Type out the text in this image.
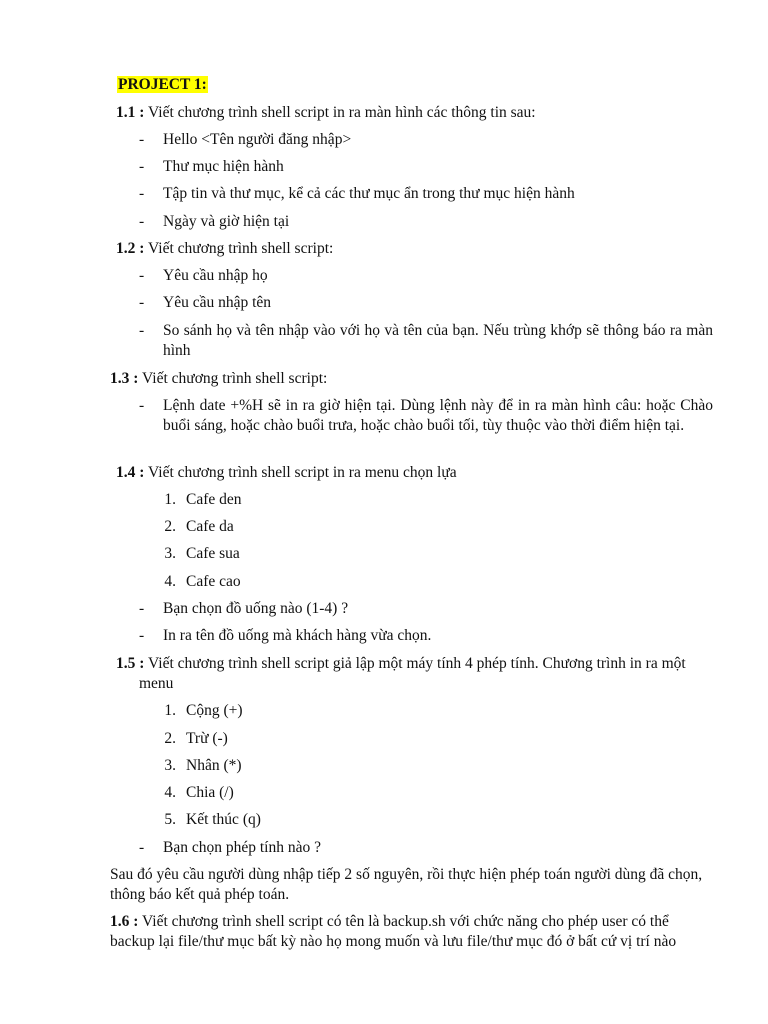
PROJECT 1:
1.1 : Viết chương trình shell script in ra màn hình các thông tin sau:
- Hello <Tên người đăng nhập>
- Thư mục hiện hành
- Tập tin và thư mục, kể cả các thư mục ẩn trong thư mục hiện hành
- Ngày và giờ hiện tại
1.2 : Viết chương trình shell script:
- Yêu cầu nhập họ
- Yêu cầu nhập tên
- So sánh họ và tên nhập vào với họ và tên của bạn. Nếu trùng khớp sẽ thông báo ra màn hình
1.3 : Viết chương trình shell script:
- Lệnh date +%H sẽ in ra giờ hiện tại. Dùng lệnh này để in ra màn hình câu: hoặc Chào buổi sáng, hoặc chào buổi trưa, hoặc chào buổi tối, tùy thuộc vào thời điểm hiện tại.
1.4 : Viết chương trình shell script in ra menu chọn lựa
1. Cafe den
2. Cafe da
3. Cafe sua
4. Cafe cao
- Bạn chọn đồ uống nào (1-4) ?
- In ra tên đồ uống mà khách hàng vừa chọn.
1.5 : Viết chương trình shell script giả lập một máy tính 4 phép tính. Chương trình in ra một menu
1. Cộng (+)
2. Trừ (-)
3. Nhân (*)
4. Chia (/)
5. Kết thúc (q)
- Bạn chọn phép tính nào ?
Sau đó yêu cầu người dùng nhập tiếp 2 số nguyên, rồi thực hiện phép toán người dùng đã chọn, thông báo kết quả phép toán.
1.6 : Viết chương trình shell script có tên là backup.sh với chức năng cho phép user có thể backup lại file/thư mục bất kỳ nào họ mong muốn và lưu file/thư mục đó ở bất cứ vị trí nào
